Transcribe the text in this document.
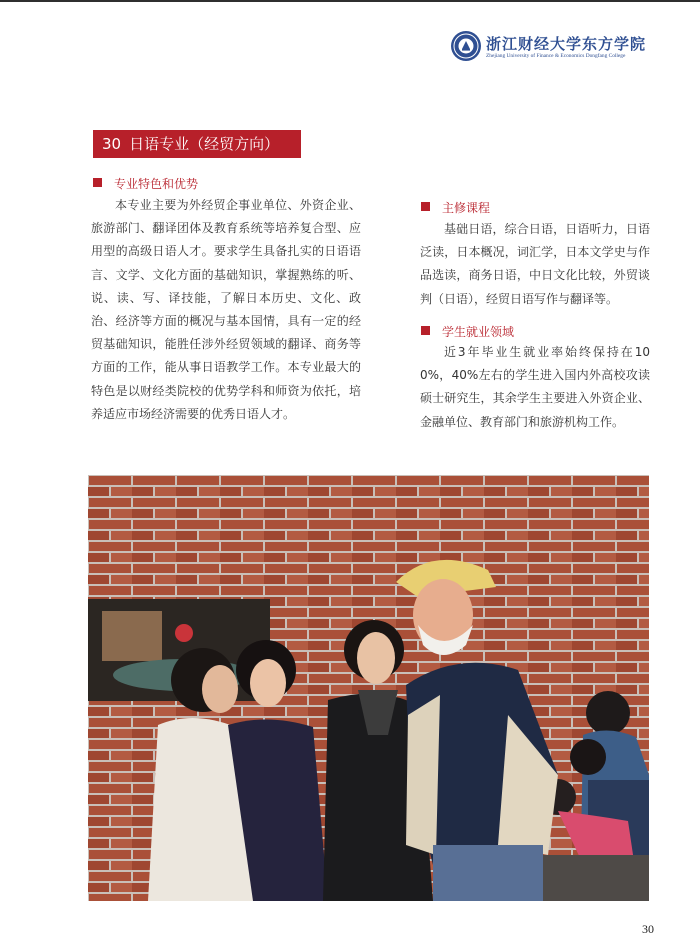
浙江财经大学东方学院
Zhejiang University of Finance & Economics Dongfang College
30 日语专业（经贸方向）
专业特色和优势

本专业主要为外经贸企事业单位、外资企业、旅游部门、翻译团体及教育系统等培养复合型、应用型的高级日语人才。要求学生具备扎实的日语语言、文学、文化方面的基础知识，掌握熟练的听、说、读、写、译技能，了解日本历史、文化、政治、经济等方面的概况与基本国情，具有一定的经贸基础知识，能胜任涉外经贸领域的翻译、商务等方面的工作，能从事日语教学工作。本专业最大的特色是以财经类院校的优势学科和师资为依托，培养适应市场经济需要的优秀日语人才。

主修课程

基础日语，综合日语，日语听力，日语泛读，日本概况，词汇学，日本文学史与作品选读，商务日语，中日文化比较，外贸谈判（日语），经贸日语写作与翻译等。

学生就业领域

近3年毕业生就业率始终保持在100%，40%左右的学生进入国内外高校攻读硕士研究生，其余学生主要进入外资企业、金融单位、教育部门和旅游机构工作。

30
